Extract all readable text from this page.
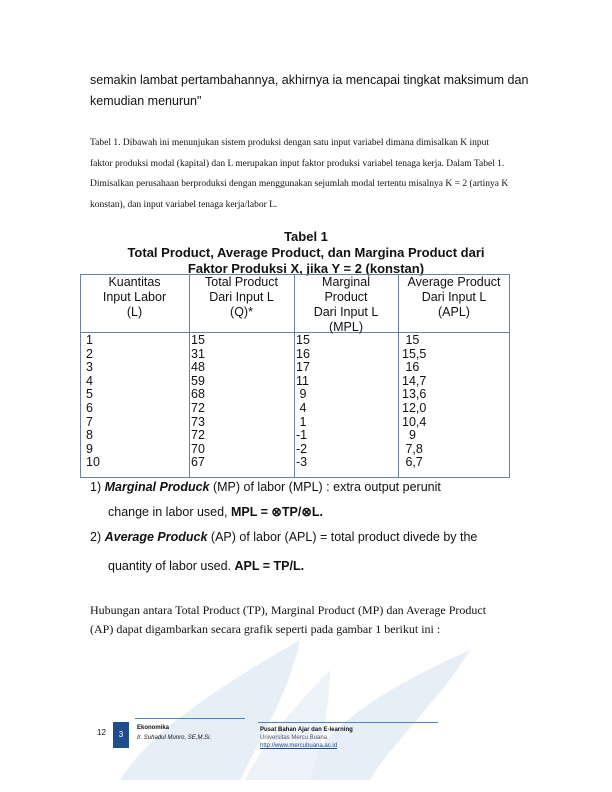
semakin lambat pertambahannya, akhirnya ia mencapai tingkat maksimum dan kemudian menurun"
Tabel 1. Dibawah ini menunjukan sistem produksi dengan satu input variabel dimana dimisalkan K input faktor produksi modal (kapital) dan L merupakan input faktor produksi variabel tenaga kerja. Dalam Tabel 1. Dimisalkan perusahaan berproduksi dengan menggunakan sejumlah modal tertentu misalnya K = 2 (artinya K konstan), dan input variabel tenaga kerja/labor L.
Tabel 1
Total Product, Average Product, dan Margina Product dari
Faktor Produksi X, jika Y = 2 (konstan)
Kuantitas
Input Labor
(L)
Total Product
Dari Input L
(Q)*
Marginal
Product
Dari Input L
(MPL)
Average Product
Dari Input L
(APL)
1
2
3
4
5
6
7
8
9
10
15
31
48
59
68
72
73
72
70
67
15
16
17
11
9
4
1
-1
-2
-3
15
15,5
16
14,7
13,6
12,0
10,4
9
7,8
6,7
1) Marginal Produck (MP) of labor (MPL) : extra output perunit
change in labor used, MPL = ⊗TP/⊗L.
2) Average Produck (AP) of labor (APL) = total product divede by the
quantity of labor used. APL = TP/L.
Hubungan antara Total Product (TP), Marginal Product (MP) dan Average Product (AP) dapat digambarkan secara grafik seperti pada gambar 1 berikut ini :
12	3
Ekonomika
Ir. Suhadul Munro, SE,M.Si.
Pusat Bahan Ajar dan E-learning
Universitas Mercu Buana
http://www.mercubuana.ac.id
